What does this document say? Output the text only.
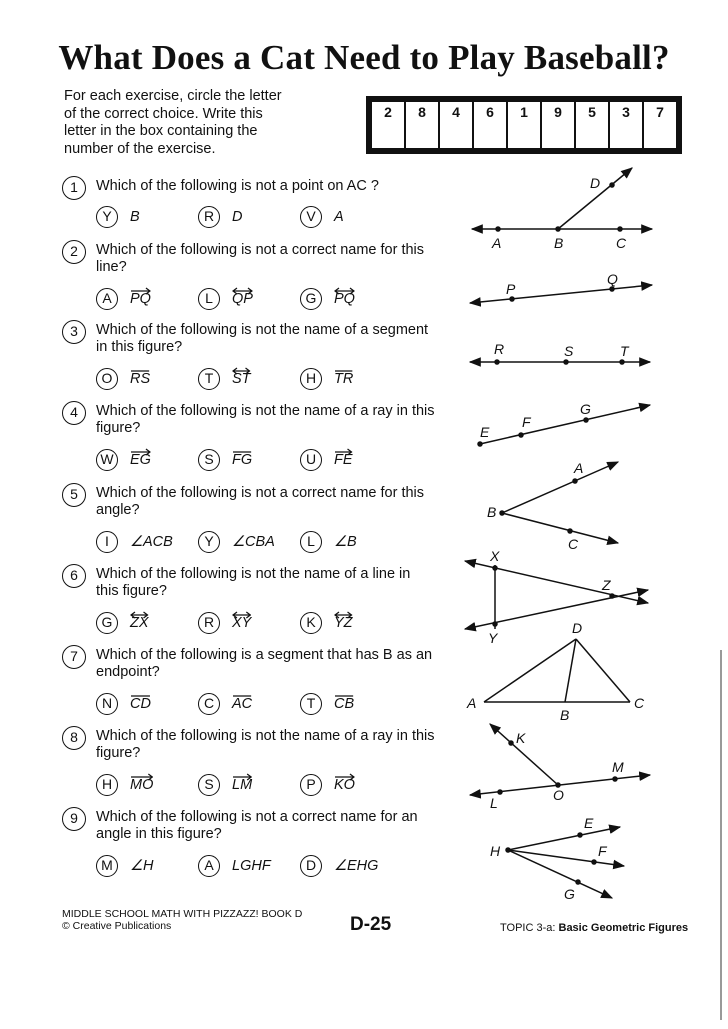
What Does a Cat Need to Play Baseball?
For each exercise, circle the letter
of the correct choice. Write this
letter in the box containing the
number of the exercise.
2	8	4	6	1	9	5	3	7
1	Which of the following is not a point on AC ?
Y	B	R	D	V	A
2	Which of the following is not a correct name for this line?
A	PQ	L	QP	G	PQ
3	Which of the following is not the name of a segment in this figure?
O	RS	T	ST	H	TR
4	Which of the following is not the name of a ray in this figure?
W	EG	S	FG	U	FE
5	Which of the following is not a correct name for this angle?
I	∠ACB	Y	∠CBA	L	∠B
6	Which of the following is not the name of a line in this figure?
G	ZX	R	XY	K	YZ
7	Which of the following is a segment that has B as an endpoint?
N	CD	C	AC	T	CB
8	Which of the following is not the name of a ray in this figure?
H	MO	S	LM	P	KO
9	Which of the following is not a correct name for an angle in this figure?
M	∠H	A	LGHF	D	∠EHG
D
A	B	C
P
Q
R	S	T
E
F
G
A
B
C
X
Y
Z
D
A
B
C
K
M
L	O
E
H	F
G
MIDDLE SCHOOL MATH WITH PIZZAZZ! BOOK D
© Creative Publications	D-25	TOPIC 3-a: Basic Geometric Figures
